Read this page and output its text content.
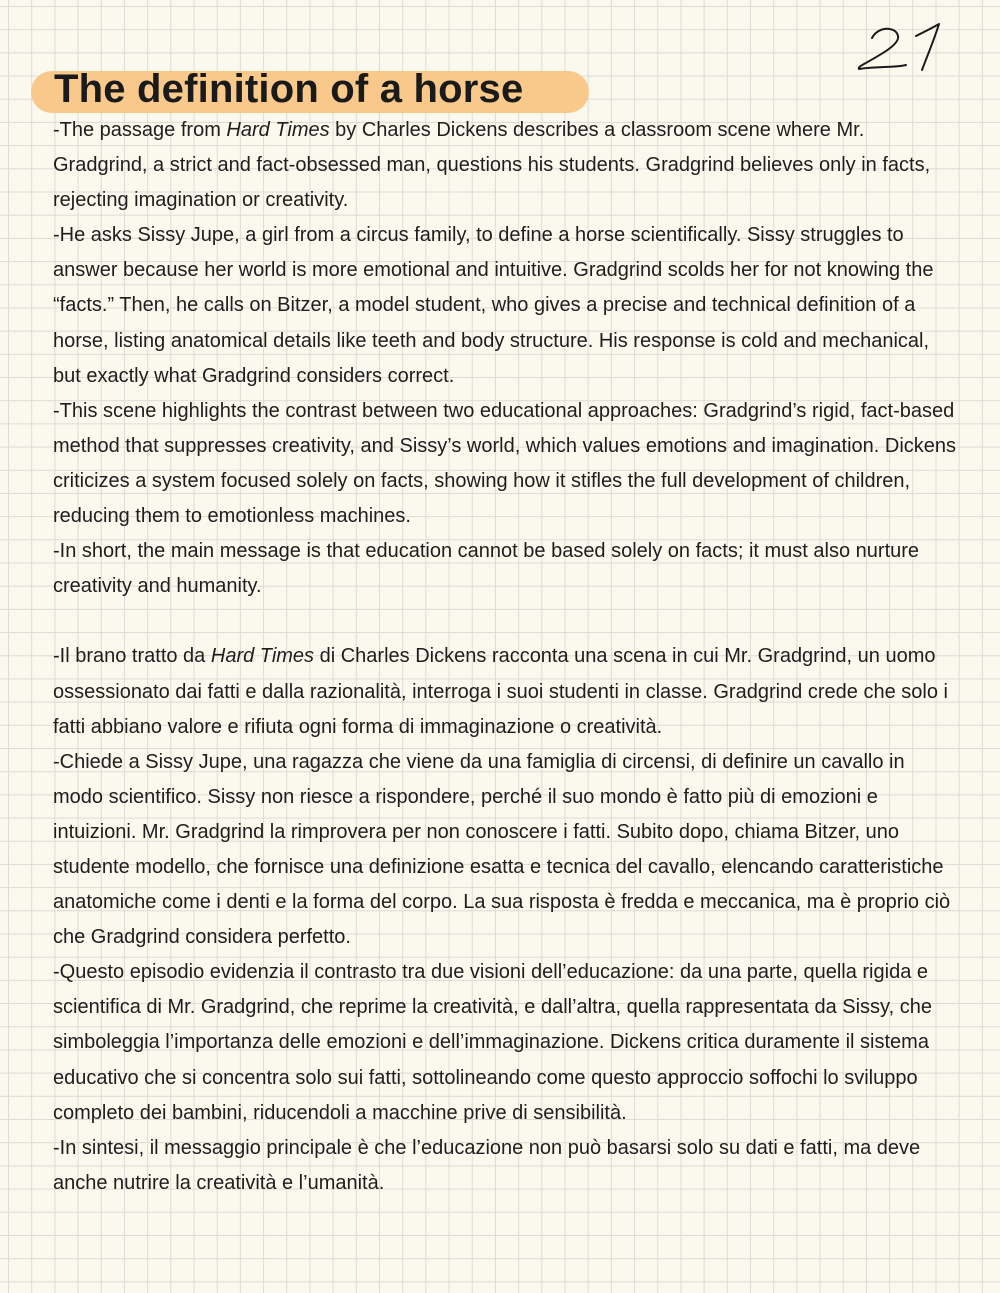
The definition of a horse

-The passage from Hard Times by Charles Dickens describes a classroom scene where Mr. Gradgrind, a strict and fact-obsessed man, questions his students. Gradgrind believes only in facts, rejecting imagination or creativity.

-He asks Sissy Jupe, a girl from a circus family, to define a horse scientifically. Sissy struggles to answer because her world is more emotional and intuitive. Gradgrind scolds her for not knowing the “facts.” Then, he calls on Bitzer, a model student, who gives a precise and technical definition of a horse, listing anatomical details like teeth and body structure. His response is cold and mechanical, but exactly what Gradgrind considers correct.

-This scene highlights the contrast between two educational approaches: Gradgrind’s rigid, fact-based method that suppresses creativity, and Sissy’s world, which values emotions and imagination. Dickens criticizes a system focused solely on facts, showing how it stifles the full development of children, reducing them to emotionless machines.

-In short, the main message is that education cannot be based solely on facts; it must also nurture creativity and humanity.

-Il brano tratto da Hard Times di Charles Dickens racconta una scena in cui Mr. Gradgrind, un uomo ossessionato dai fatti e dalla razionalità, interroga i suoi studenti in classe. Gradgrind crede che solo i fatti abbiano valore e rifiuta ogni forma di immaginazione o creatività.

-Chiede a Sissy Jupe, una ragazza che viene da una famiglia di circensi, di definire un cavallo in modo scientifico. Sissy non riesce a rispondere, perché il suo mondo è fatto più di emozioni e intuizioni. Mr. Gradgrind la rimprovera per non conoscere i fatti. Subito dopo, chiama Bitzer, uno studente modello, che fornisce una definizione esatta e tecnica del cavallo, elencando caratteristiche anatomiche come i denti e la forma del corpo. La sua risposta è fredda e meccanica, ma è proprio ciò che Gradgrind considera perfetto.

-Questo episodio evidenzia il contrasto tra due visioni dell’educazione: da una parte, quella rigida e scientifica di Mr. Gradgrind, che reprime la creatività, e dall’altra, quella rappresentata da Sissy, che simboleggia l’importanza delle emozioni e dell’immaginazione. Dickens critica duramente il sistema educativo che si concentra solo sui fatti, sottolineando come questo approccio soffochi lo sviluppo completo dei bambini, riducendoli a macchine prive di sensibilità.

-In sintesi, il messaggio principale è che l’educazione non può basarsi solo su dati e fatti, ma deve anche nutrire la creatività e l’umanità.
